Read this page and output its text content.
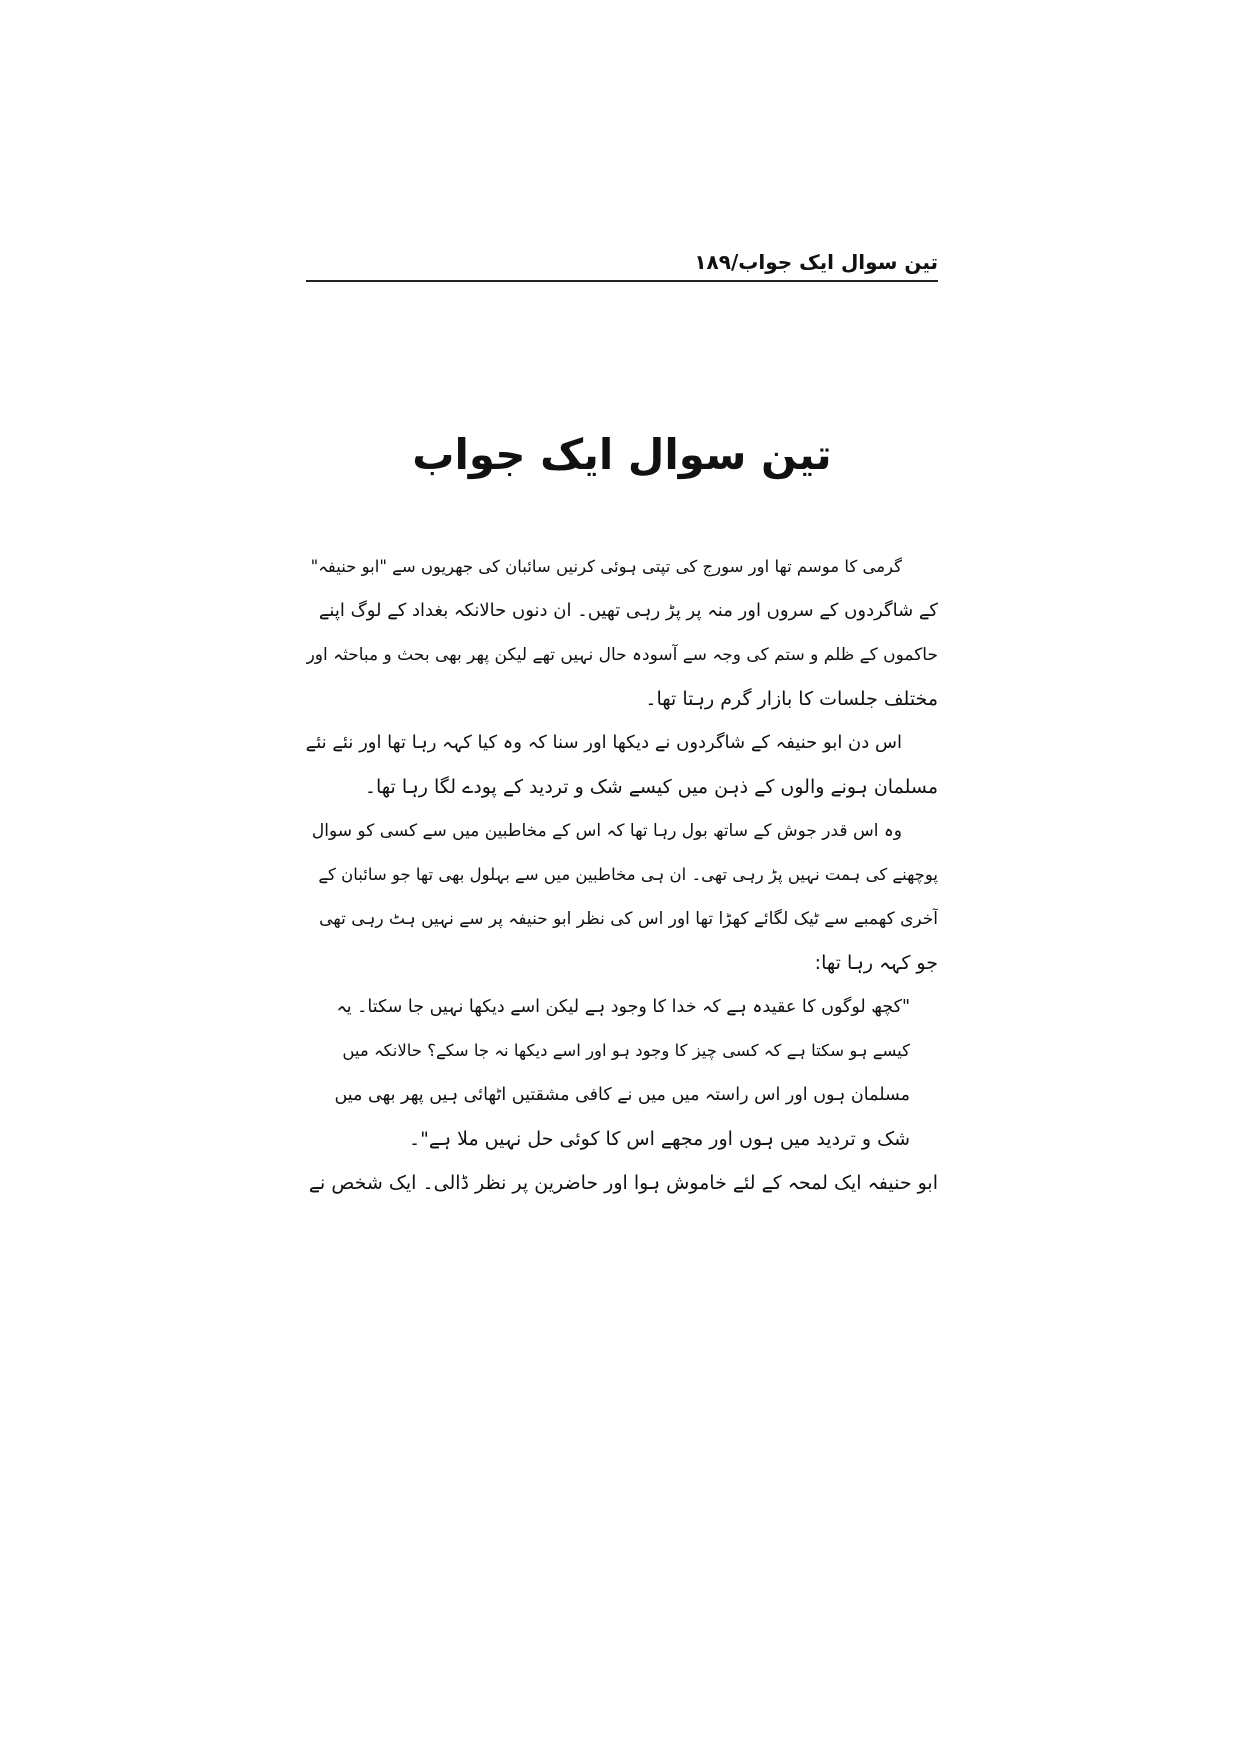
تین سوال ایک جواب/۱۸۹
تین سوال ایک جواب
گرمی کا موسم تھا اور سورج کی تپتی ہوئی کرنیں سائبان کی جھریوں سے "ابو حنیفہ"
کے شاگردوں کے سروں اور منہ پر پڑ رہی تھیں۔ ان دنوں حالانکہ بغداد کے لوگ اپنے
حاکموں کے ظلم و ستم کی وجہ سے آسودہ حال نہیں تھے لیکن پھر بھی بحث و مباحثہ اور
مختلف جلسات کا بازار گرم رہتا تھا۔
اس دن ابو حنیفہ کے شاگردوں نے دیکھا اور سنا کہ وہ کیا کہہ رہا تھا اور نئے نئے
مسلمان ہونے والوں کے ذہن میں کیسے شک و تردید کے پودے لگا رہا تھا۔
وہ اس قدر جوش کے ساتھ بول رہا تھا کہ اس کے مخاطبین میں سے کسی کو سوال
پوچھنے کی ہمت نہیں پڑ رہی تھی۔ ان ہی مخاطبین میں سے بہلول بھی تھا جو سائبان کے
آخری کھمبے سے ٹیک لگائے کھڑا تھا اور اس کی نظر ابو حنیفہ پر سے نہیں ہٹ رہی تھی
جو کہہ رہا تھا:
"کچھ لوگوں کا عقیدہ ہے کہ خدا کا وجود ہے لیکن اسے دیکھا نہیں جا سکتا۔ یہ
کیسے ہو سکتا ہے کہ کسی چیز کا وجود ہو اور اسے دیکھا نہ جا سکے؟ حالانکہ میں
مسلمان ہوں اور اس راستہ میں میں نے کافی مشقتیں اٹھائی ہیں پھر بھی میں
شک و تردید میں ہوں اور مجھے اس کا کوئی حل نہیں ملا ہے"۔
ابو حنیفہ ایک لمحہ کے لئے خاموش ہوا اور حاضرین پر نظر ڈالی۔ ایک شخص نے
